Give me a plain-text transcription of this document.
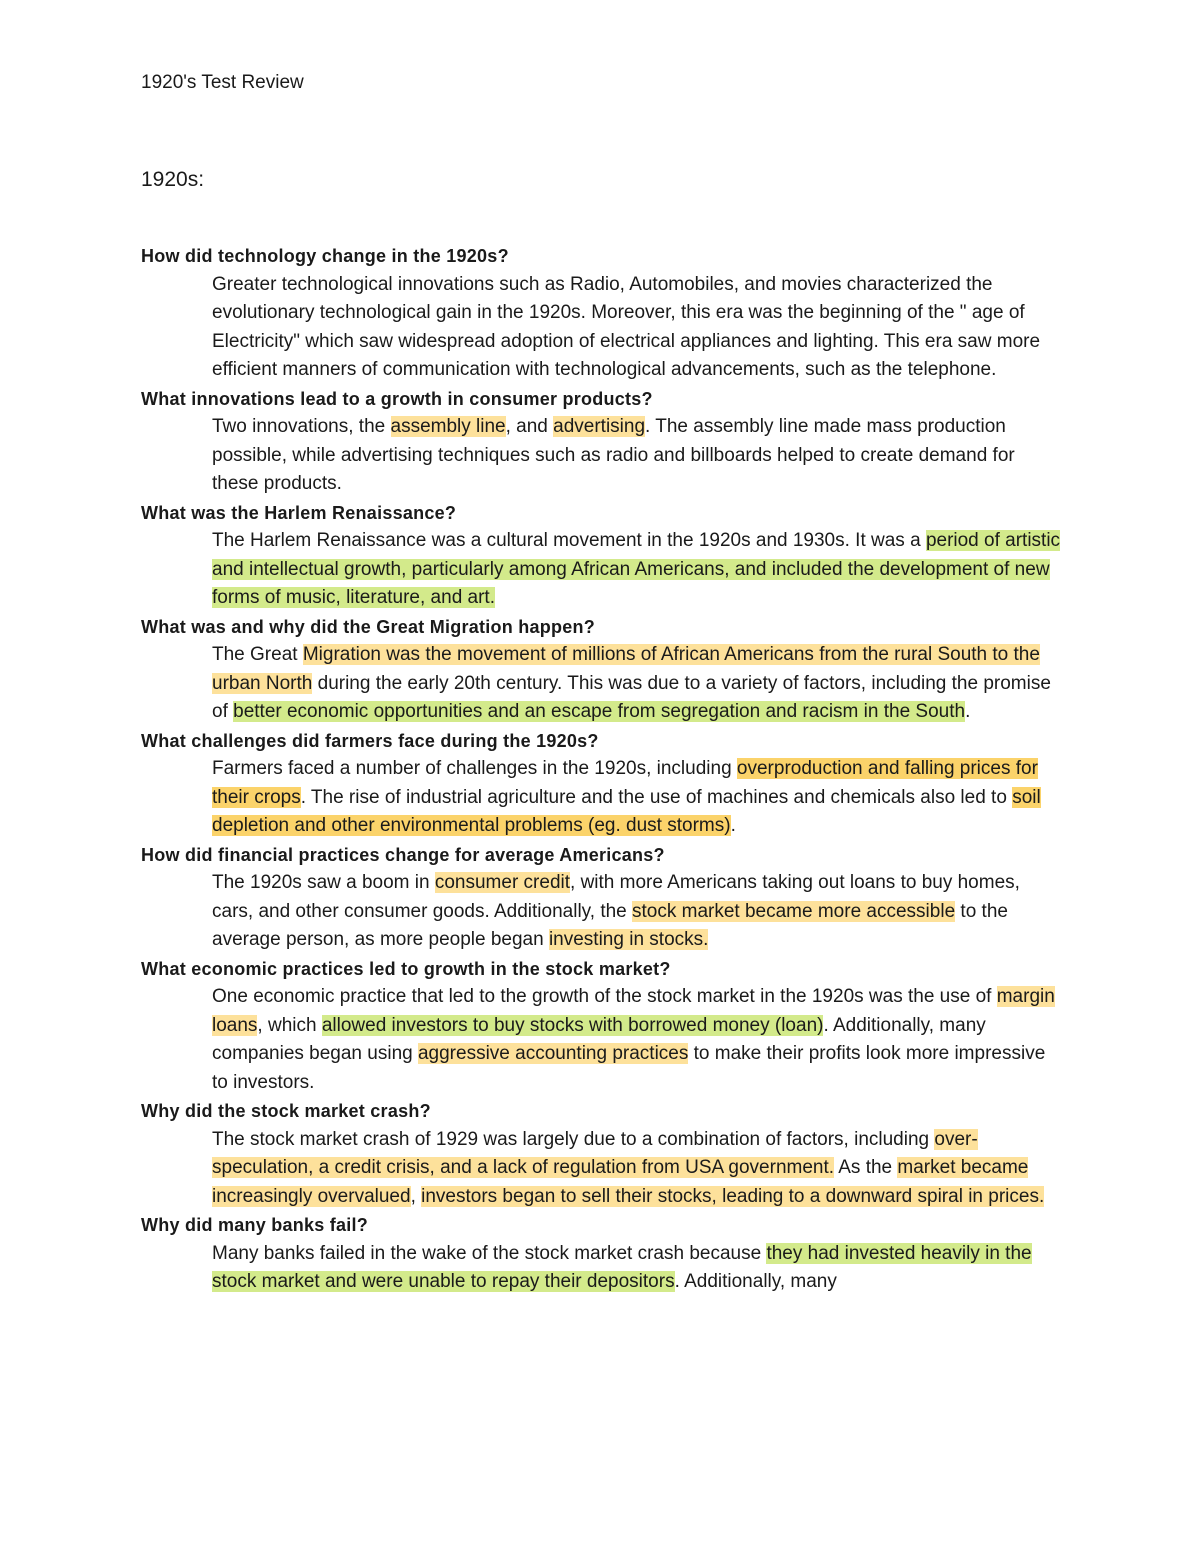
1920's Test Review
1920s:

How did technology change in the 1920s?

Greater technological innovations such as Radio, Automobiles, and movies characterized the evolutionary technological gain in the 1920s. Moreover, this era was the beginning of the " age of Electricity" which saw widespread adoption of electrical appliances and lighting. This era saw more efficient manners of communication with technological advancements, such as the telephone.

What innovations lead to a growth in consumer products?

Two innovations, the assembly line, and advertising. The assembly line made mass production possible, while advertising techniques such as radio and billboards helped to create demand for these products.

What was the Harlem Renaissance?

The Harlem Renaissance was a cultural movement in the 1920s and 1930s. It was a period of artistic and intellectual growth, particularly among African Americans, and included the development of new forms of music, literature, and art.

What was and why did the Great Migration happen?

The Great Migration was the movement of millions of African Americans from the rural South to the urban North during the early 20th century. This was due to a variety of factors, including the promise of better economic opportunities and an escape from segregation and racism in the South.

What challenges did farmers face during the 1920s?

Farmers faced a number of challenges in the 1920s, including overproduction and falling prices for their crops. The rise of industrial agriculture and the use of machines and chemicals also led to soil depletion and other environmental problems (eg. dust storms).

How did financial practices change for average Americans?

The 1920s saw a boom in consumer credit, with more Americans taking out loans to buy homes, cars, and other consumer goods. Additionally, the stock market became more accessible to the average person, as more people began investing in stocks.

What economic practices led to growth in the stock market?

One economic practice that led to the growth of the stock market in the 1920s was the use of margin loans, which allowed investors to buy stocks with borrowed money (loan). Additionally, many companies began using aggressive accounting practices to make their profits look more impressive to investors.

Why did the stock market crash?

The stock market crash of 1929 was largely due to a combination of factors, including over-speculation, a credit crisis, and a lack of regulation from USA government. As the market became increasingly overvalued, investors began to sell their stocks, leading to a downward spiral in prices.

Why did many banks fail?

Many banks failed in the wake of the stock market crash because they had invested heavily in the stock market and were unable to repay their depositors. Additionally, many
